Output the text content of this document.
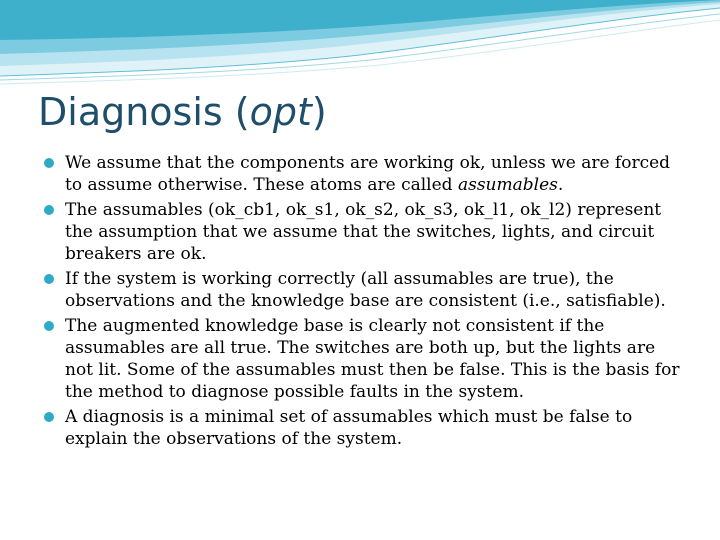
Diagnosis (opt)
We assume that the components are working ok, unless we are forced to assume otherwise. These atoms are called assumables.
The assumables (ok_cb1, ok_s1, ok_s2, ok_s3, ok_l1, ok_l2) represent the assumption that we assume that the switches, lights, and circuit breakers are ok.
If the system is working correctly (all assumables are true), the observations and the knowledge base are consistent (i.e., satisfiable).
The augmented knowledge base is clearly not consistent if the assumables are all true. The switches are both up, but the lights are not lit. Some of the assumables must then be false. This is the basis for the method to diagnose possible faults in the system.
A diagnosis is a minimal set of assumables which must be false to explain the observations of the system.
